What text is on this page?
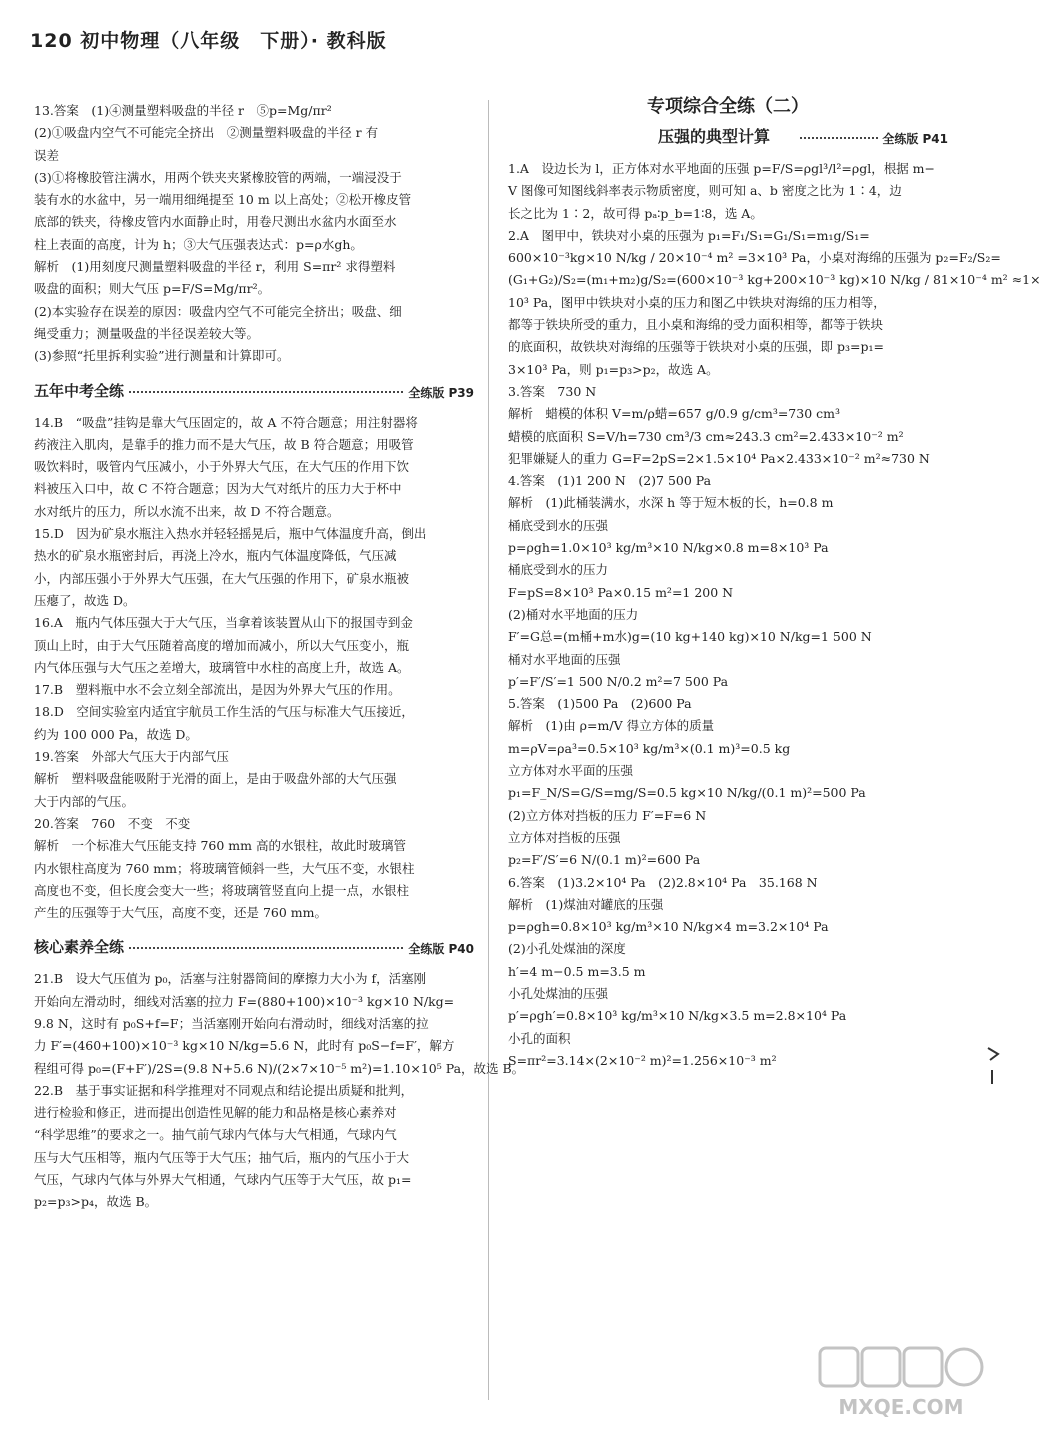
120 初中物理（八年级　下册）· 教科版
13.答案　(1)④测量塑料吸盘的半径 r　⑤p=Mg/πr²
(2)①吸盘内空气不可能完全挤出　②测量塑料吸盘的半径 r 有
误差
(3)①将橡胶管注满水，用两个铁夹夹紧橡胶管的两端，一端浸没于
装有水的水盆中，另一端用细绳提至 10 m 以上高处；②松开橡皮管
底部的铁夹，待橡皮管内水面静止时，用卷尺测出水盆内水面至水
柱上表面的高度，计为 h；③大气压强表达式：p=ρ水gh。
解析　(1)用刻度尺测量塑料吸盘的半径 r，利用 S=πr² 求得塑料
吸盘的面积；则大气压 p=F/S=Mg/πr²。
(2)本实验存在误差的原因：吸盘内空气不可能完全挤出；吸盘、细
绳受重力；测量吸盘的半径误差较大等。
(3)参照“托里拆利实验”进行测量和计算即可。
五年中考全练	全练版 P39
14.B　“吸盘”挂钩是靠大气压固定的，故 A 不符合题意；用注射器将
药液注入肌肉，是靠手的推力而不是大气压，故 B 符合题意；用吸管
吸饮料时，吸管内气压减小，小于外界大气压，在大气压的作用下饮
料被压入口中，故 C 不符合题意；因为大气对纸片的压力大于杯中
水对纸片的压力，所以水流不出来，故 D 不符合题意。
15.D　因为矿泉水瓶注入热水并轻轻摇晃后，瓶中气体温度升高，倒出
热水的矿泉水瓶密封后，再浇上冷水，瓶内气体温度降低，气压减
小，内部压强小于外界大气压强，在大气压强的作用下，矿泉水瓶被
压瘪了，故选 D。
16.A　瓶内气体压强大于大气压，当拿着该装置从山下的报国寺到金
顶山上时，由于大气压随着高度的增加而减小，所以大气压变小，瓶
内气体压强与大气压之差增大，玻璃管中水柱的高度上升，故选 A。
17.B　塑料瓶中水不会立刻全部流出，是因为外界大气压的作用。
18.D　空间实验室内适宜宇航员工作生活的气压与标准大气压接近，
约为 100 000 Pa，故选 D。
19.答案　外部大气压大于内部气压
解析　塑料吸盘能吸附于光滑的面上，是由于吸盘外部的大气压强
大于内部的气压。
20.答案　760　不变　不变
解析　一个标准大气压能支持 760 mm 高的水银柱，故此时玻璃管
内水银柱高度为 760 mm；将玻璃管倾斜一些，大气压不变，水银柱
高度也不变，但长度会变大一些；将玻璃管竖直向上提一点，水银柱
产生的压强等于大气压，高度不变，还是 760 mm。
核心素养全练	全练版 P40
21.B　设大气压值为 p₀，活塞与注射器筒间的摩擦力大小为 f，活塞刚
开始向左滑动时，细线对活塞的拉力 F=(880+100)×10⁻³ kg×10 N/kg=
9.8 N，这时有 p₀S+f=F；当活塞刚开始向右滑动时，细线对活塞的拉
力 F′=(460+100)×10⁻³ kg×10 N/kg=5.6 N，此时有 p₀S−f=F′，解方
程组可得 p₀=(F+F′)/2S=(9.8 N+5.6 N)/(2×7×10⁻⁵ m²)=1.10×10⁵ Pa，故选 B。
22.B　基于事实证据和科学推理对不同观点和结论提出质疑和批判，
进行检验和修正，进而提出创造性见解的能力和品格是核心素养对
“科学思维”的要求之一。抽气前气球内气体与大气相通，气球内气
压与大气压相等，瓶内气压等于大气压；抽气后，瓶内的气压小于大
气压，气球内气体与外界大气相通，气球内气压等于大气压，故 p₁=
p₂=p₃>p₄，故选 B。
专项综合全练（二）
压强的典型计算	全练版 P41
1.A　设边长为 l，正方体对水平地面的压强 p=F/S=ρgl³/l²=ρgl，根据 m−
V 图像可知图线斜率表示物质密度，则可知 a、b 密度之比为 1∶4，边
长之比为 1∶2，故可得 pₐ∶p_b=1∶8，选 A。
2.A　图甲中，铁块对小桌的压强为 p₁=F₁/S₁=G₁/S₁=m₁g/S₁=
600×10⁻³kg×10 N/kg / 20×10⁻⁴ m² =3×10³ Pa，小桌对海绵的压强为 p₂=F₂/S₂=
(G₁+G₂)/S₂=(m₁+m₂)g/S₂=(600×10⁻³ kg+200×10⁻³ kg)×10 N/kg / 81×10⁻⁴ m² ≈1×
10³ Pa，图甲中铁块对小桌的压力和图乙中铁块对海绵的压力相等，
都等于铁块所受的重力，且小桌和海绵的受力面积相等，都等于铁块
的底面积，故铁块对海绵的压强等于铁块对小桌的压强，即 p₃=p₁=
3×10³ Pa，则 p₁=p₃>p₂，故选 A。
3.答案　730 N
解析　蜡模的体积 V=m/ρ蜡=657 g/0.9 g/cm³=730 cm³
蜡模的底面积 S=V/h=730 cm³/3 cm≈243.3 cm²=2.433×10⁻² m²
犯罪嫌疑人的重力 G=F=2pS=2×1.5×10⁴ Pa×2.433×10⁻² m²≈730 N
4.答案　(1)1 200 N　(2)7 500 Pa
解析　(1)此桶装满水，水深 h 等于短木板的长，h=0.8 m
桶底受到水的压强
p=ρgh=1.0×10³ kg/m³×10 N/kg×0.8 m=8×10³ Pa
桶底受到水的压力
F=pS=8×10³ Pa×0.15 m²=1 200 N
(2)桶对水平地面的压力
F′=G总=(m桶+m水)g=(10 kg+140 kg)×10 N/kg=1 500 N
桶对水平地面的压强
p′=F′/S′=1 500 N/0.2 m²=7 500 Pa
5.答案　(1)500 Pa　(2)600 Pa
解析　(1)由 ρ=m/V 得立方体的质量
m=ρV=ρa³=0.5×10³ kg/m³×(0.1 m)³=0.5 kg
立方体对水平面的压强
p₁=F_N/S=G/S=mg/S=0.5 kg×10 N/kg/(0.1 m)²=500 Pa
(2)立方体对挡板的压力 F′=F=6 N
立方体对挡板的压强
p₂=F′/S′=6 N/(0.1 m)²=600 Pa
6.答案　(1)3.2×10⁴ Pa　(2)2.8×10⁴ Pa　35.168 N
解析　(1)煤油对罐底的压强
p=ρgh=0.8×10³ kg/m³×10 N/kg×4 m=3.2×10⁴ Pa
(2)小孔处煤油的深度
h′=4 m−0.5 m=3.5 m
小孔处煤油的压强
p′=ρgh′=0.8×10³ kg/m³×10 N/kg×3.5 m=2.8×10⁴ Pa
小孔的面积
S=πr²=3.14×(2×10⁻² m)²=1.256×10⁻³ m²
MXQE.COM
